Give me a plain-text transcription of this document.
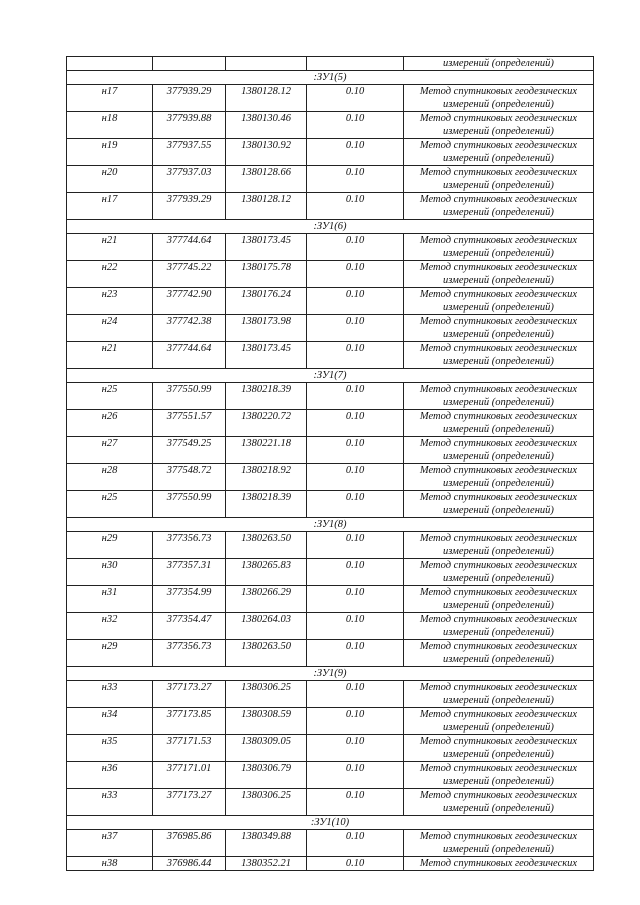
				измерений (определений)
:ЗУ1(5)				
н17	377939.29	1380128.12	0.10	Метод спутниковых геодезических
измерений (определений)

н18	377939.88	1380130.46	0.10	Метод спутниковых геодезических
измерений (определений)

н19	377937.55	1380130.92	0.10	Метод спутниковых геодезических
измерений (определений)

н20	377937.03	1380128.66	0.10	Метод спутниковых геодезических
измерений (определений)

н17	377939.29	1380128.12	0.10	Метод спутниковых геодезических
измерений (определений)

:ЗУ1(6)				
н21	377744.64	1380173.45	0.10	Метод спутниковых геодезических
измерений (определений)

н22	377745.22	1380175.78	0.10	Метод спутниковых геодезических
измерений (определений)

н23	377742.90	1380176.24	0.10	Метод спутниковых геодезических
измерений (определений)

н24	377742.38	1380173.98	0.10	Метод спутниковых геодезических
измерений (определений)

н21	377744.64	1380173.45	0.10	Метод спутниковых геодезических
измерений (определений)

:ЗУ1(7)				
н25	377550.99	1380218.39	0.10	Метод спутниковых геодезических
измерений (определений)

н26	377551.57	1380220.72	0.10	Метод спутниковых геодезических
измерений (определений)

н27	377549.25	1380221.18	0.10	Метод спутниковых геодезических
измерений (определений)

н28	377548.72	1380218.92	0.10	Метод спутниковых геодезических
измерений (определений)

н25	377550.99	1380218.39	0.10	Метод спутниковых геодезических
измерений (определений)

:ЗУ1(8)				
н29	377356.73	1380263.50	0.10	Метод спутниковых геодезических
измерений (определений)

н30	377357.31	1380265.83	0.10	Метод спутниковых геодезических
измерений (определений)

н31	377354.99	1380266.29	0.10	Метод спутниковых геодезических
измерений (определений)

н32	377354.47	1380264.03	0.10	Метод спутниковых геодезических
измерений (определений)

н29	377356.73	1380263.50	0.10	Метод спутниковых геодезических
измерений (определений)

:ЗУ1(9)				
н33	377173.27	1380306.25	0.10	Метод спутниковых геодезических
измерений (определений)

н34	377173.85	1380308.59	0.10	Метод спутниковых геодезических
измерений (определений)

н35	377171.53	1380309.05	0.10	Метод спутниковых геодезических
измерений (определений)

н36	377171.01	1380306.79	0.10	Метод спутниковых геодезических
измерений (определений)

н33	377173.27	1380306.25	0.10	Метод спутниковых геодезических
измерений (определений)

:ЗУ1(10)				
н37	376985.86	1380349.88	0.10	Метод спутниковых геодезических
измерений (определений)

н38	376986.44	1380352.21	0.10	Метод спутниковых геодезических
